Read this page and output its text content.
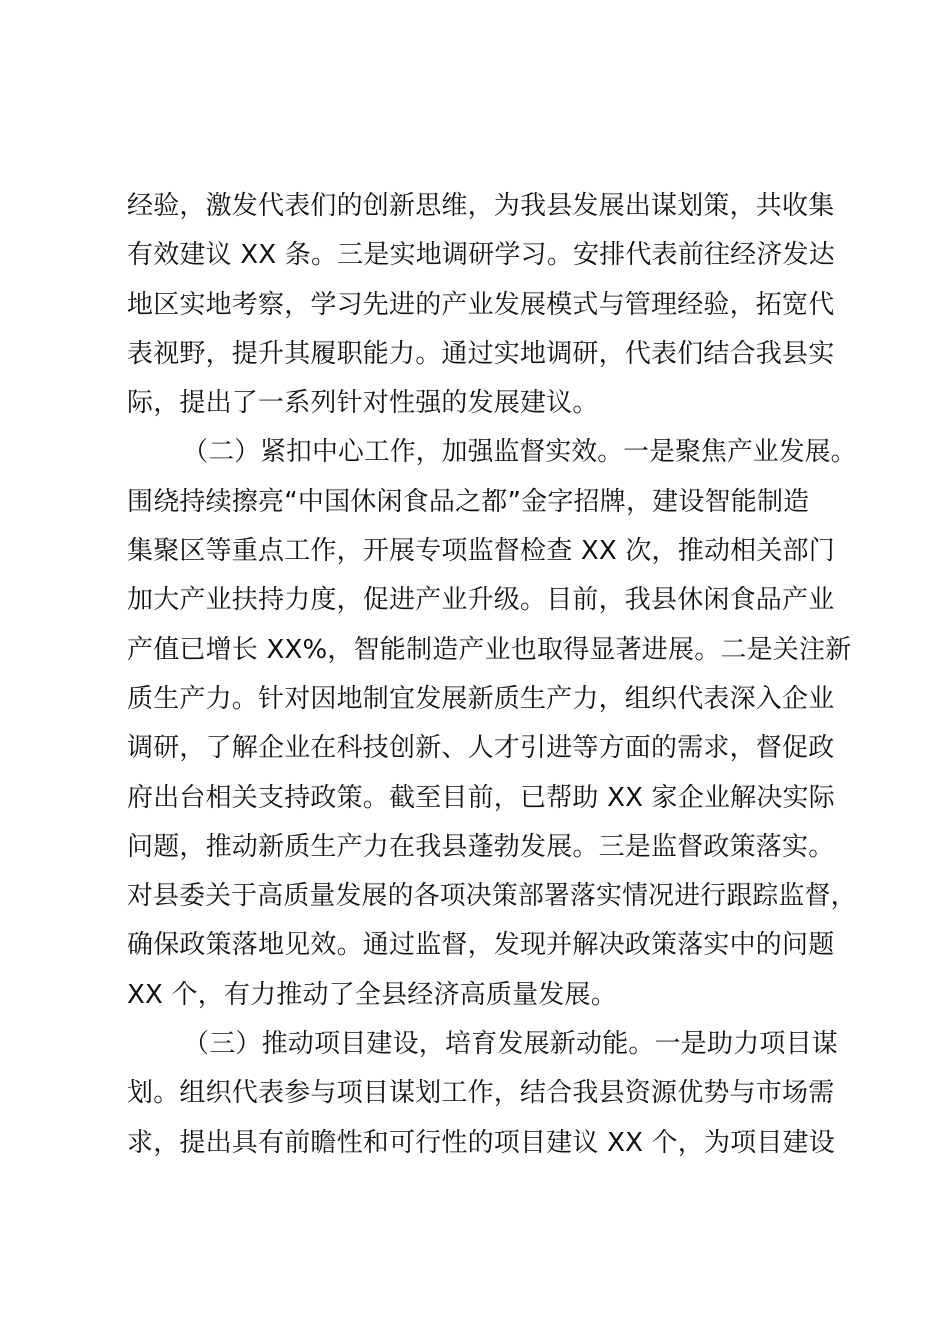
经验，激发代表们的创新思维，为我县发展出谋划策，共收集
有效建议 XX 条。三是实地调研学习。安排代表前往经济发达
地区实地考察，学习先进的产业发展模式与管理经验，拓宽代
表视野，提升其履职能力。通过实地调研，代表们结合我县实
际，提出了一系列针对性强的发展建议。
（二）紧扣中心工作，加强监督实效。一是聚焦产业发展。
围绕持续擦亮“中国休闲食品之都”金字招牌，建设智能制造
集聚区等重点工作，开展专项监督检查 XX 次，推动相关部门
加大产业扶持力度，促进产业升级。目前，我县休闲食品产业
产值已增长 XX%，智能制造产业也取得显著进展。二是关注新
质生产力。针对因地制宜发展新质生产力，组织代表深入企业
调研，了解企业在科技创新、人才引进等方面的需求，督促政
府出台相关支持政策。截至目前，已帮助 XX 家企业解决实际
问题，推动新质生产力在我县蓬勃发展。三是监督政策落实。
对县委关于高质量发展的各项决策部署落实情况进行跟踪监督，
确保政策落地见效。通过监督，发现并解决政策落实中的问题
XX 个，有力推动了全县经济高质量发展。
（三）推动项目建设，培育发展新动能。一是助力项目谋
划。组织代表参与项目谋划工作，结合我县资源优势与市场需
求，提出具有前瞻性和可行性的项目建议 XX 个，为项目建设
